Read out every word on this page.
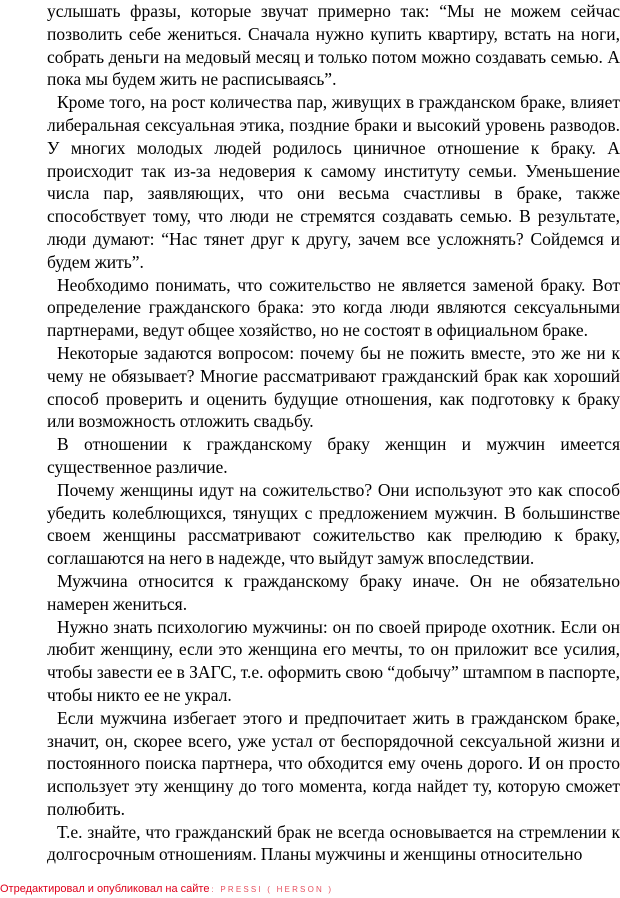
услышать фразы, которые звучат примерно так: “Мы не можем сейчас позволить себе жениться. Сначала нужно купить квартиру, встать на ноги, собрать деньги на медовый месяц и только потом можно создавать семью. А пока мы будем жить не расписываясь”.

Кроме того, на рост количества пар, живущих в гражданском браке, влияет либеральная сексуальная этика, поздние браки и высокий уровень разводов. У многих молодых людей родилось циничное отношение к браку. А происходит так из-за недоверия к самому институту семьи. Уменьшение числа пар, заявляющих, что они весьма счастливы в браке, также способствует тому, что люди не стремятся создавать семью. В результате, люди думают: “Нас тянет друг к другу, зачем все усложнять? Сойдемся и будем жить”.

Необходимо понимать, что сожительство не является заменой браку. Вот определение гражданского брака: это когда люди являются сексуальными партнерами, ведут общее хозяйство, но не состоят в официальном браке.

Некоторые задаются вопросом: почему бы не пожить вместе, это же ни к чему не обязывает? Многие рассматривают гражданский брак как хороший способ проверить и оценить будущие отношения, как подготовку к браку или возможность отложить свадьбу.

В отношении к гражданскому браку женщин и мужчин имеется существенное различие.

Почему женщины идут на сожительство? Они используют это как способ убедить колеблющихся, тянущих с предложением мужчин. В большинстве своем женщины рассматривают сожительство как прелюдию к браку, соглашаются на него в надежде, что выйдут замуж впоследствии.

Мужчина относится к гражданскому браку иначе. Он не обязательно намерен жениться.

Нужно знать психологию мужчины: он по своей природе охотник. Если он любит женщину, если это женщина его мечты, то он приложит все усилия, чтобы завести ее в ЗАГС, т.е. оформить свою “добычу” штампом в паспорте, чтобы никто ее не украл.

Если мужчина избегает этого и предпочитает жить в гражданском браке, значит, он, скорее всего, уже устал от беспорядочной сексуальной жизни и постоянного поиска партнера, что обходится ему очень дорого. И он просто использует эту женщину до того момента, когда найдет ту, которую сможет полюбить.

Т.е. знайте, что гражданский брак не всегда основывается на стремлении к долгосрочным отношениям. Планы мужчины и женщины относительно

Отредактировал и опубликовал на сайте : PRESSI ( HERSON )
